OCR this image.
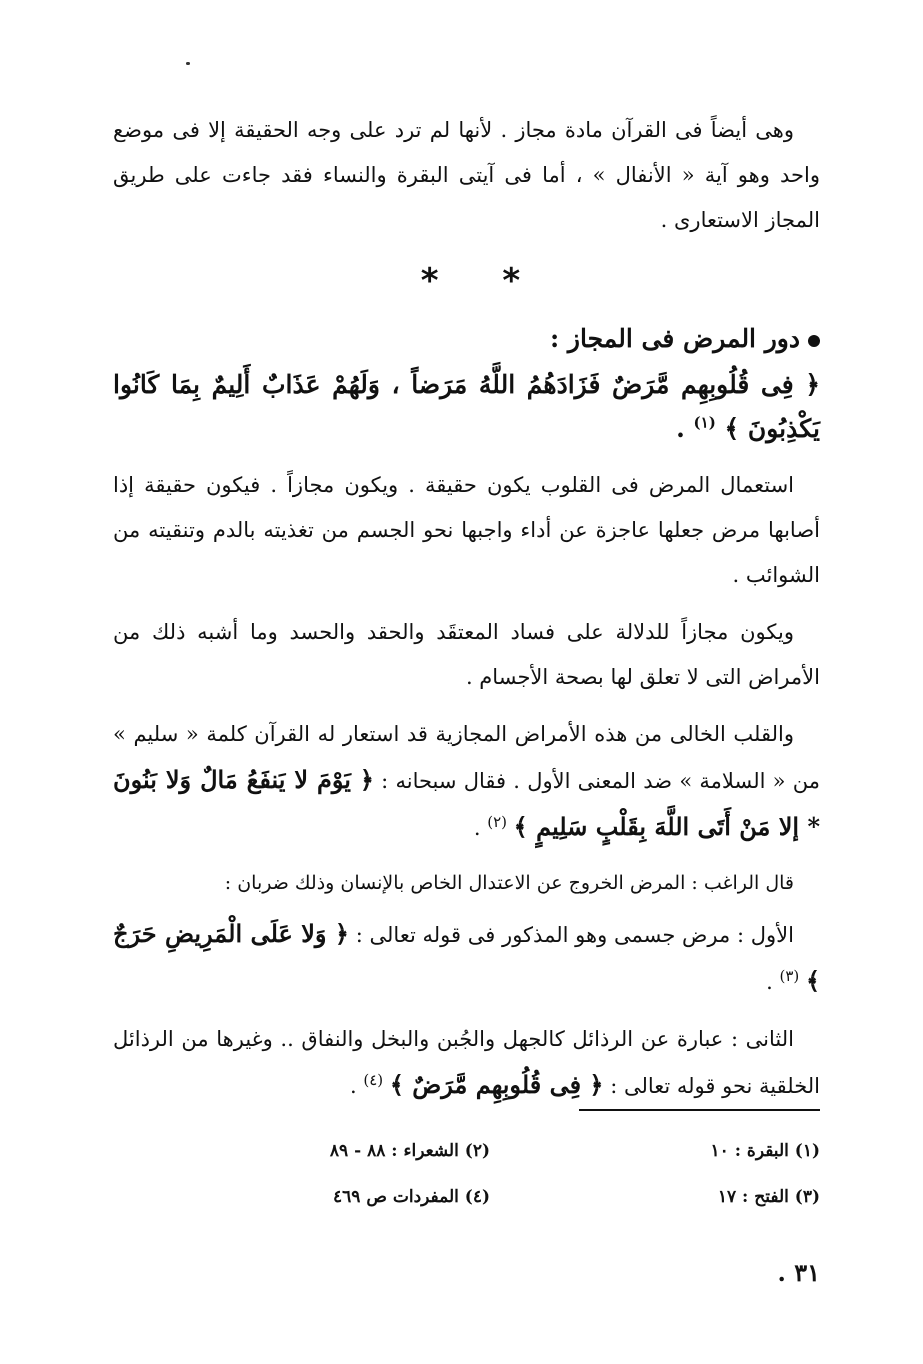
وهى أيضاً فى القرآن مادة مجاز . لأنها لم ترد على وجه الحقيقة إلا فى موضع واحد وهو آية « الأنفال » ، أما فى آيتى البقرة والنساء فقد جاءت على طريق المجاز الاستعارى .

* *
دور المرض فى المجاز :

﴿ فِى قُلُوبِهِم مَّرَضٌ فَزَادَهُمُ اللَّهُ مَرَضاً ، وَلَهُمْ عَذَابٌ أَلِيمٌ بِمَا كَانُوا يَكْذِبُونَ ﴾ $^{(١)}$ .

استعمال المرض فى القلوب يكون حقيقة . ويكون مجازاً . فيكون حقيقة إذا أصابها مرض جعلها عاجزة عن أداء واجبها نحو الجسم من تغذيته بالدم وتنقيته من الشوائب .

ويكون مجازاً للدلالة على فساد المعتقَد والحقد والحسد وما أشبه ذلك من الأمراض التى لا تعلق لها بصحة الأجسام .

والقلب الخالى من هذه الأمراض المجازية قد استعار له القرآن كلمة « سليم » من « السلامة » ضد المعنى الأول . فقال سبحانه : ﴿ يَوْمَ لا يَنفَعُ مَالٌ وَلا بَنُونَ * إلا مَنْ أَتَى اللَّهَ بِقَلْبٍ سَلِيمٍ ﴾ $^{(٢)}$ .

قال الراغب : المرض الخروج عن الاعتدال الخاص بالإنسان وذلك ضربان :

الأول : مرض جسمى وهو المذكور فى قوله تعالى : ﴿ وَلا عَلَى الْمَرِيضِ حَرَجٌ ﴾ $^{(٣)}$ .

الثانى : عبارة عن الرذائل كالجهل والجُبن والبخل والنفاق .. وغيرها من الرذائل الخلقية نحو قوله تعالى : ﴿ فِى قُلُوبِهِم مَّرَضٌ ﴾ $^{(٤)}$ .

(١) البقرة : ١٠
(٢) الشعراء : ٨٨ - ٨٩
(٣) الفتح : ١٧
(٤) المفردات ص ٤٦٩
٣١ .
